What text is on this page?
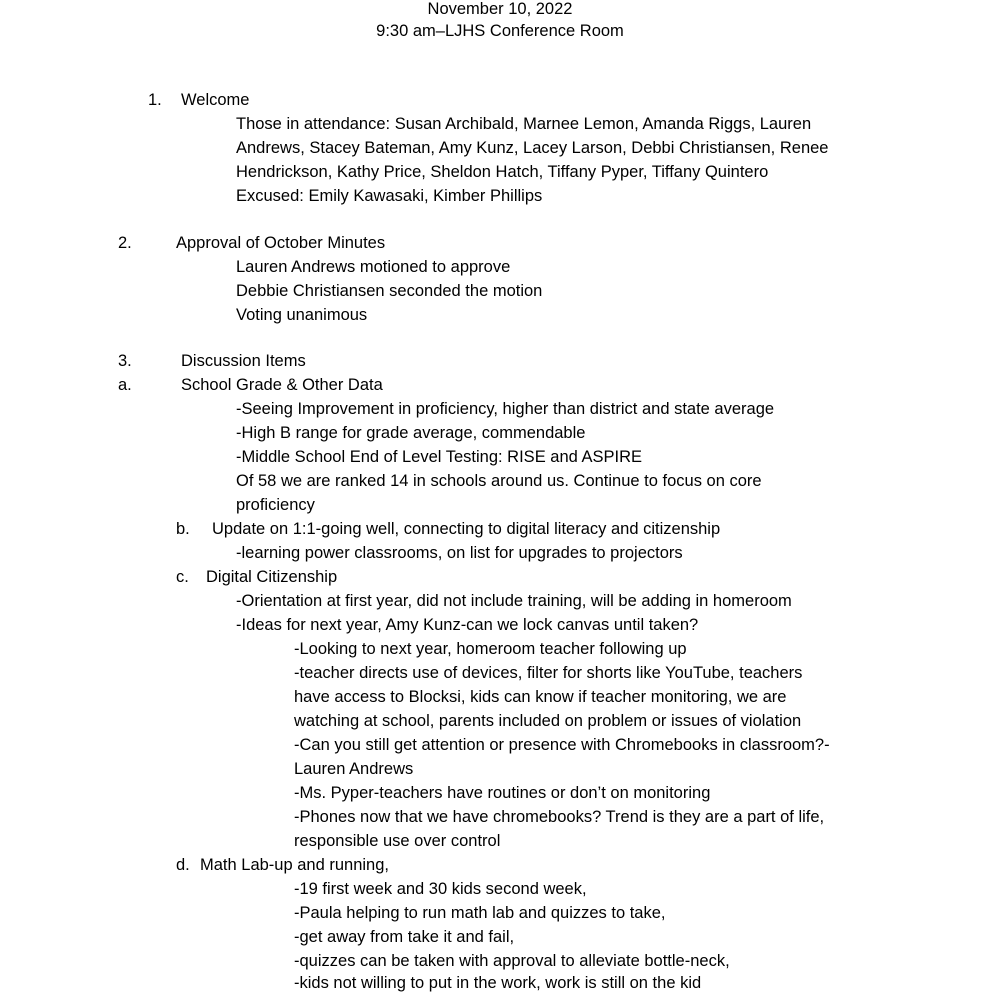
November 10, 2022
9:30 am–LJHS Conference Room
1. Welcome
Those in attendance: Susan Archibald, Marnee Lemon, Amanda Riggs, Lauren
Andrews, Stacey Bateman, Amy Kunz, Lacey Larson, Debbi Christiansen, Renee
Hendrickson, Kathy Price, Sheldon Hatch, Tiffany Pyper, Tiffany Quintero
Excused: Emily Kawasaki, Kimber Phillips
2.	Approval of October Minutes
Lauren Andrews motioned to approve
Debbie Christiansen seconded the motion
Voting unanimous
3.	Discussion Items
a.	School Grade & Other Data
-Seeing Improvement in proficiency, higher than district and state average
-High B range for grade average, commendable
-Middle School End of Level Testing: RISE and ASPIRE
Of 58 we are ranked 14 in schools around us. Continue to focus on core
proficiency
b. Update on 1:1-going well, connecting to digital literacy and citizenship
-learning power classrooms, on list for upgrades to projectors
c. Digital Citizenship
-Orientation at first year, did not include training, will be adding in homeroom
-Ideas for next year, Amy Kunz-can we lock canvas until taken?
-Looking to next year, homeroom teacher following up
-teacher directs use of devices, filter for shorts like YouTube, teachers
have access to Blocksi, kids can know if teacher monitoring, we are
watching at school, parents included on problem or issues of violation
-Can you still get attention or presence with Chromebooks in classroom?-
Lauren Andrews
-Ms. Pyper-teachers have routines or don’t on monitoring
-Phones now that we have chromebooks? Trend is they are a part of life,
responsible use over control
d. Math Lab-up and running,
-19 first week and 30 kids second week,
-Paula helping to run math lab and quizzes to take,
-get away from take it and fail,
-quizzes can be taken with approval to alleviate bottle-neck,
-kids not willing to put in the work, work is still on the kid
